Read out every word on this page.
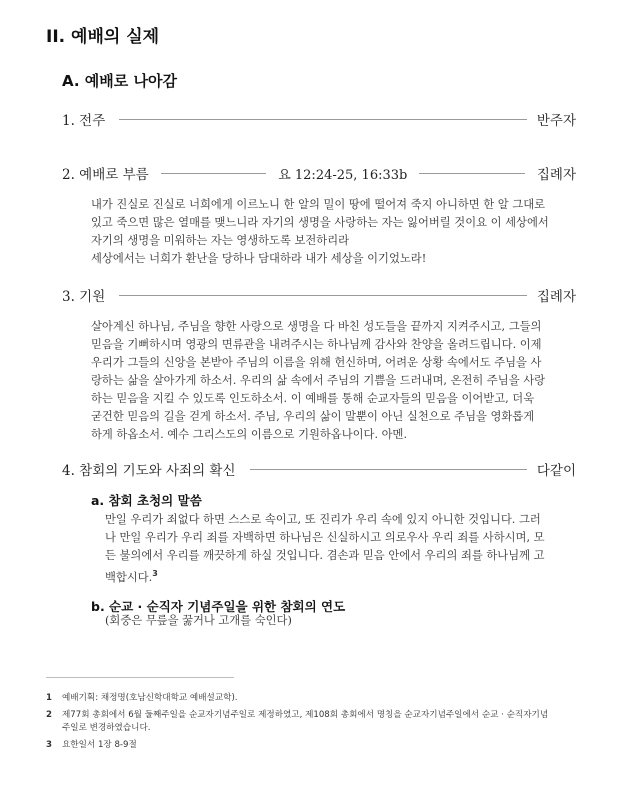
II. 예배의 실제
A. 예배로 나아감
1. 전주	반주자
2. 예배로 부름	요 12:24-25, 16:33b	집례자
내가 진실로 진실로 너희에게 이르노니 한 알의 밀이 땅에 떨어져 죽지 아니하면 한 알 그대로
있고 죽으면 많은 열매를 맺느니라 자기의 생명을 사랑하는 자는 잃어버릴 것이요 이 세상에서
자기의 생명을 미워하는 자는 영생하도록 보전하리라
세상에서는 너희가 환난을 당하나 담대하라 내가 세상을 이기었노라!
3. 기원	집례자
살아계신 하나님, 주님을 향한 사랑으로 생명을 다 바친 성도들을 끝까지 지켜주시고, 그들의
믿음을 기뻐하시며 영광의 면류관을 내려주시는 하나님께 감사와 찬양을 올려드립니다. 이제
우리가 그들의 신앙을 본받아 주님의 이름을 위해 헌신하며, 어려운 상황 속에서도 주님을 사
랑하는 삶을 살아가게 하소서. 우리의 삶 속에서 주님의 기쁨을 드러내며, 온전히 주님을 사랑
하는 믿음을 지킬 수 있도록 인도하소서. 이 예배를 통해 순교자들의 믿음을 이어받고, 더욱
굳건한 믿음의 길을 걷게 하소서. 주님, 우리의 삶이 말뿐이 아닌 실천으로 주님을 영화롭게
하게 하옵소서. 예수 그리스도의 이름으로 기원하옵나이다. 아멘.
4. 참회의 기도와 사죄의 확신	다같이
a. 참회 초청의 말씀
만일 우리가 죄없다 하면 스스로 속이고, 또 진리가 우리 속에 있지 아니한 것입니다. 그러
나 만일 우리가 우리 죄를 자백하면 하나님은 신실하시고 의로우사 우리 죄를 사하시며, 모
든 불의에서 우리를 깨끗하게 하실 것입니다. 겸손과 믿음 안에서 우리의 죄를 하나님께 고
백합시다.$^3$
b. 순교 · 순직자 기념주일을 위한 참회의 연도
(회중은 무릎을 꿇거나 고개를 숙인다)
1	예배기획: 채정명(호남신학대학교 예배설교학).
2	제77회 총회에서 6월 둘째주일을 순교자기념주일로 제정하였고, 제108회 총회에서 명칭을 순교자기념주일에서 순교 · 순직자기념
주일로 변경하였습니다.
3	요한일서 1장 8-9절
